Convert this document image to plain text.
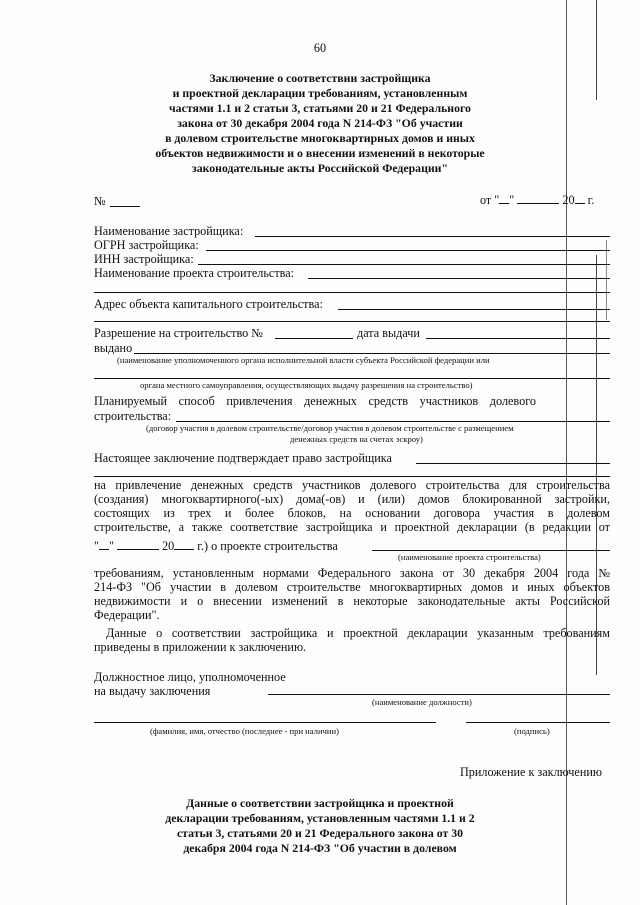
60
Заключение о соответствии застройщика
и проектной декларации требованиям, установленным
частями 1.1 и 2 статьи 3, статьями 20 и 21 Федерального
закона от 30 декабря 2004 года N 214-ФЗ "Об участии
в долевом строительстве многоквартирных домов и иных
объектов недвижимости и о внесении изменений в некоторые
законодательные акты Российской Федерации"
№	от " "	20 г.
Наименование застройщика:
ОГРН застройщика:
ИНН застройщика:
Наименование проекта строительства:
Адрес объекта капитального строительства:
Разрешение на строительство №	дата выдачи
выдано
(наименование уполномоченного органа исполнительной власти субъекта Российской федерации или
органа местного самоуправления, осуществляющих выдачу разрешения на строительство)
Планируемый способ привлечения денежных средств участников долевого
строительства:
(договор участия в долевом строительстве/договор участия в долевом строительстве с размещением
денежных средств на счетах эскроу)
Настоящее заключение подтверждает право застройщика
на привлечение денежных средств участников долевого строительства для строительства
(создания) многоквартирного(-ых) дома(-ов) и (или) домов блокированной застройки,
состоящих из трех и более блоков, на основании договора участия в долевом
строительстве, а также соответствие застройщика и проектной декларации (в редакции от
" "	20 г.) о проекте строительства
(наименование проекта строительства)
требованиям, установленным нормами Федерального закона от 30 декабря 2004 года №
214-ФЗ "Об участии в долевом строительстве многоквартирных домов и иных объектов
недвижимости и о внесении изменений в некоторые законодательные акты Российской
Федерации".
Данные о соответствии застройщика и проектной декларации указанным требованиям
приведены в приложении к заключению.
Должностное лицо, уполномоченное
на выдачу заключения
(наименование должности)
(фамилия, имя, отчество (последнее - при наличии)	(подпись)
Приложение к заключению
Данные о соответствии застройщика и проектной
декларации требованиям, установленным частями 1.1 и 2
статьи 3, статьями 20 и 21 Федерального закона от 30
декабря 2004 года N 214-ФЗ "Об участии в долевом
